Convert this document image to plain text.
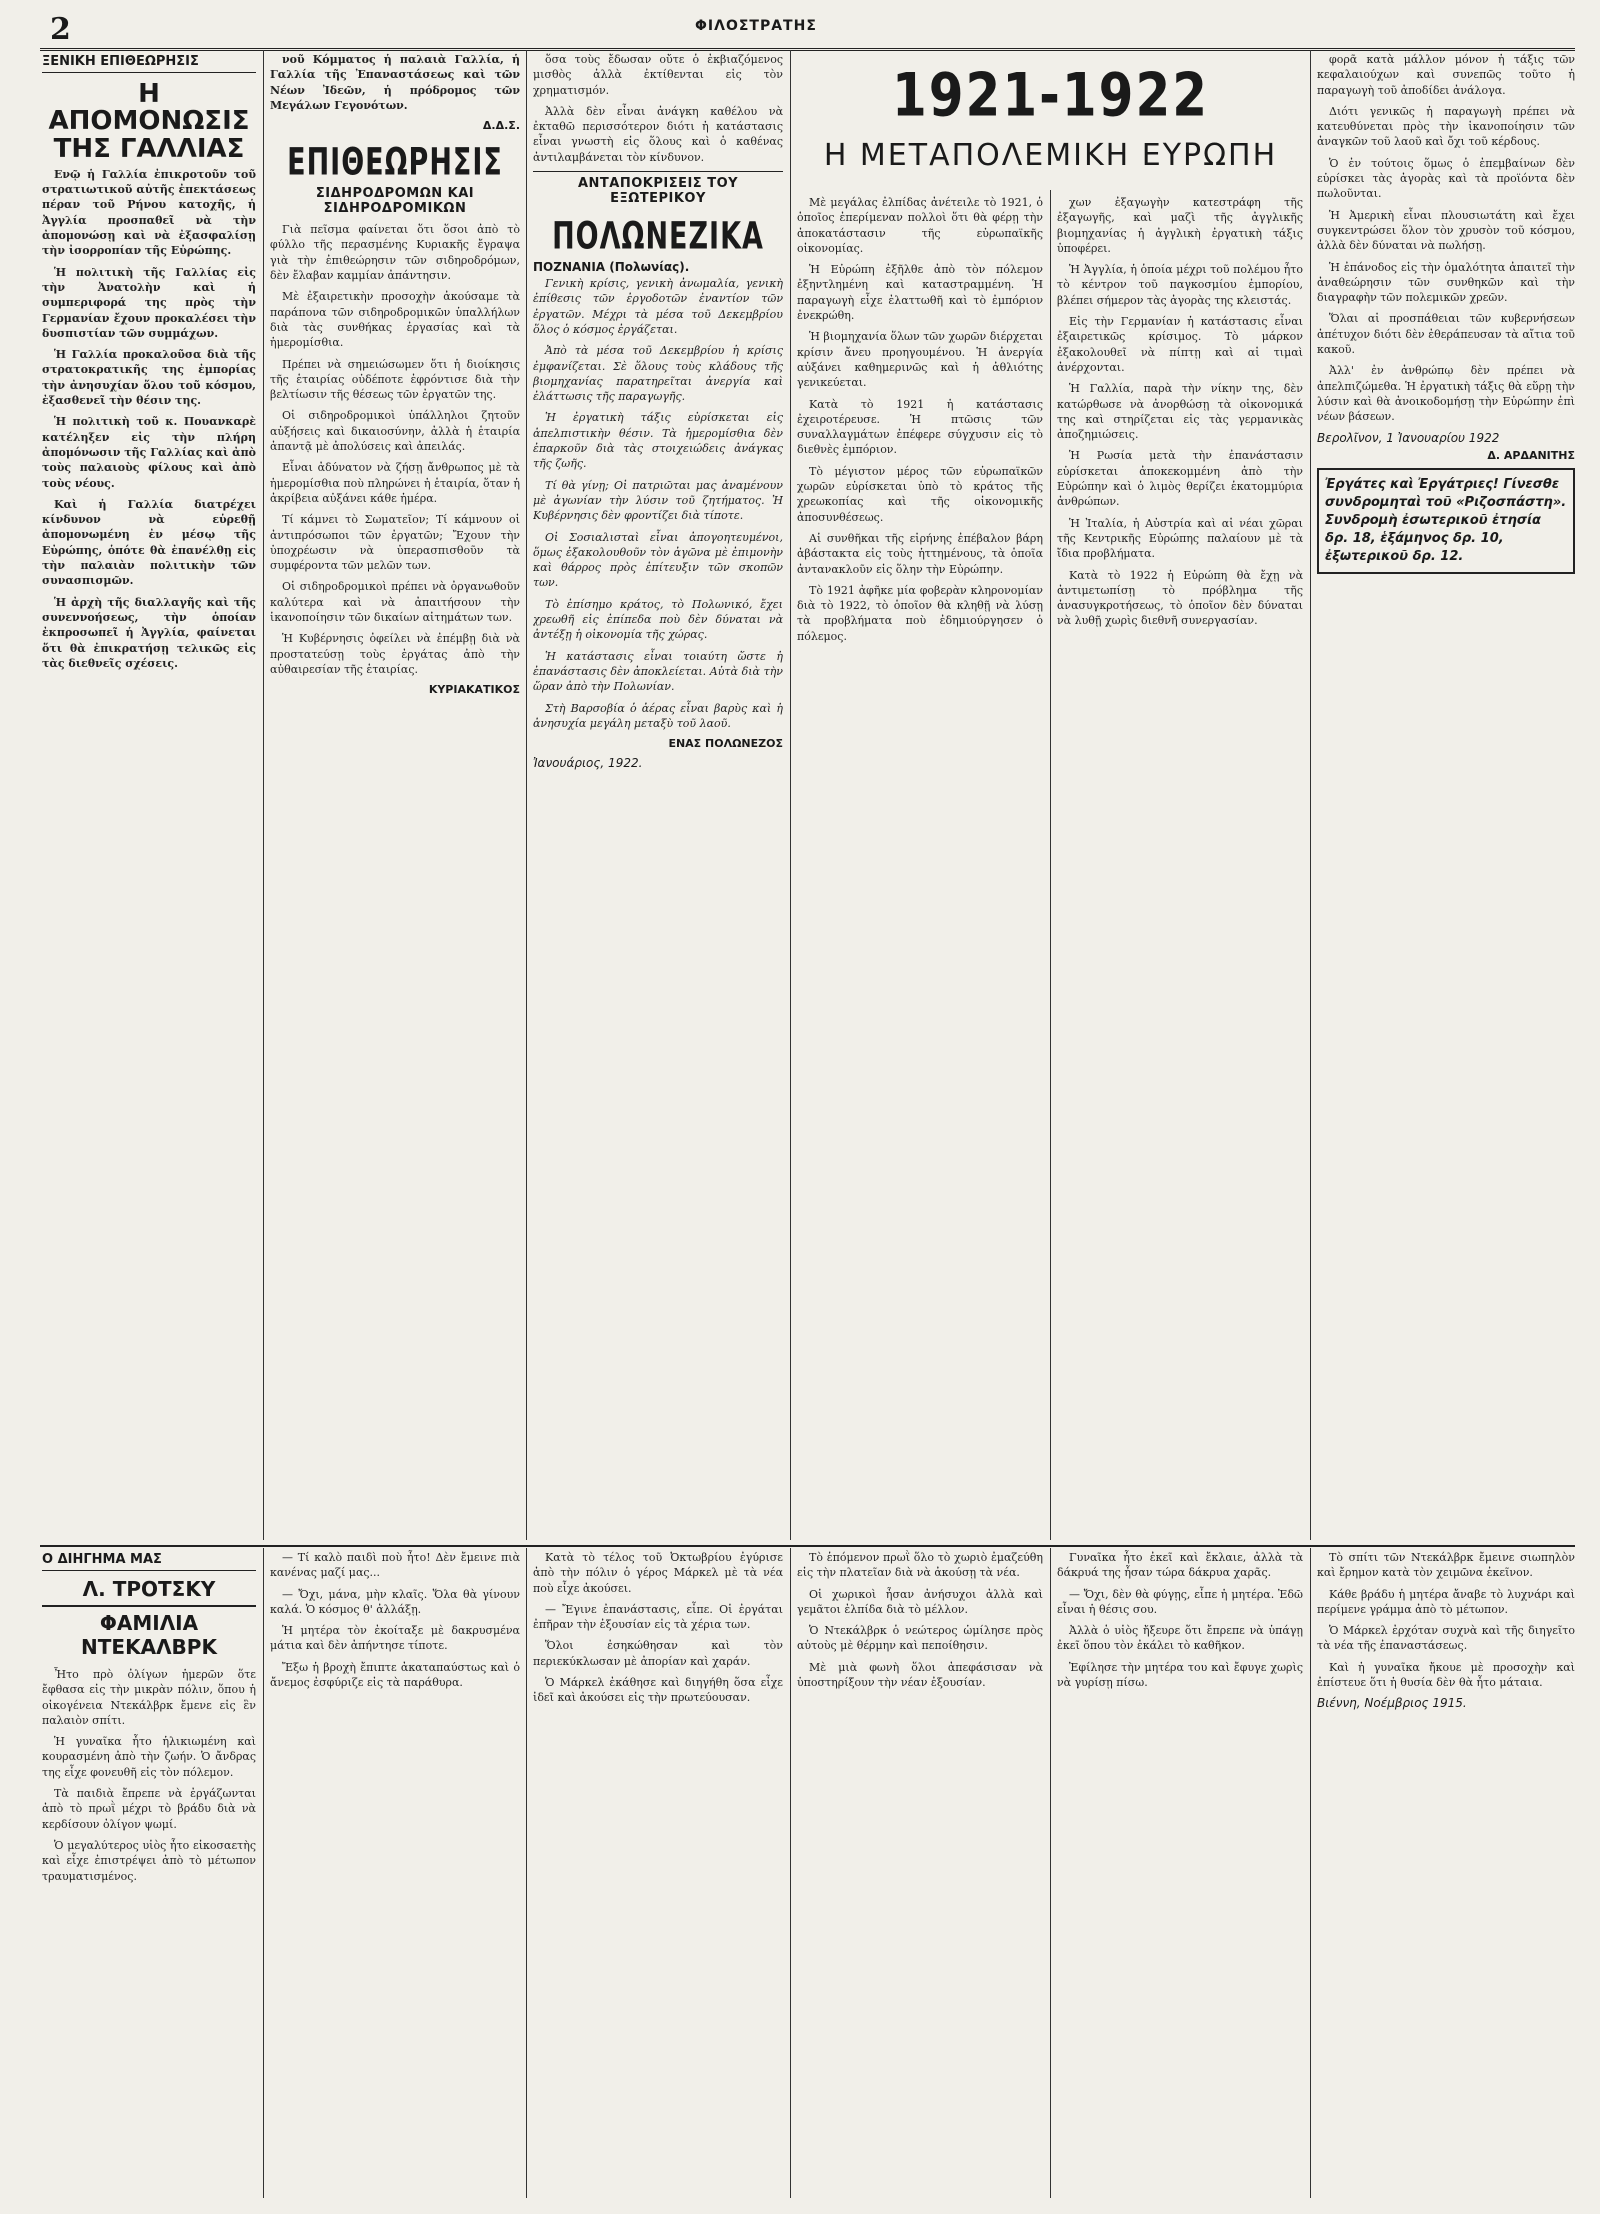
2	ΦΙΛΟΣΤΡΑΤΗΣ
ΞΕΝΙΚΗ ΕΠΙΘΕΩΡΗΣΙΣ
Η ΑΠΟΜΟΝΩΣΙΣ ΤΗΣ ΓΑΛΛΙΑΣ

Ενῷ ἡ Γαλλία ἐπικροτοῦν τοῦ στρατιωτικοῦ αὐτῆς ἐπεκτάσεως πέραν τοῦ Ρήνου κατοχῆς, ἡ Ἀγγλία προσπαθεῖ νὰ τὴν ἀπομονώσῃ καὶ νὰ ἐξασφαλίσῃ τὴν ἰσορροπίαν τῆς Εὐρώπης.

Ἡ πολιτικὴ τῆς Γαλλίας εἰς τὴν Ἀνατολὴν καὶ ἡ συμπεριφορά της πρὸς τὴν Γερμανίαν ἔχουν προκαλέσει τὴν δυσπιστίαν τῶν συμμάχων.

Ἡ Γαλλία προκαλοῦσα διὰ τῆς στρατοκρατικῆς της ἐμπορίας τὴν ἀνησυχίαν ὅλου τοῦ κόσμου, ἐξασθενεῖ τὴν θέσιν της.

Ἡ πολιτικὴ τοῦ κ. Πουανκαρὲ κατέληξεν εἰς τὴν πλήρη ἀπομόνωσιν τῆς Γαλλίας καὶ ἀπὸ τοὺς παλαιοὺς φίλους καὶ ἀπὸ τοὺς νέους.

Καὶ ἡ Γαλλία διατρέχει κίνδυνον νὰ εὑρεθῇ ἀπομονωμένη ἐν μέσῳ τῆς Εὐρώπης, ὁπότε θὰ ἐπανέλθῃ εἰς τὴν παλαιὰν πολιτικὴν τῶν συνασπισμῶν.

Ἡ ἀρχὴ τῆς διαλλαγῆς καὶ τῆς συνεννοήσεως, τὴν ὁποίαν ἐκπροσωπεῖ ἡ Ἀγγλία, φαίνεται ὅτι θὰ ἐπικρατήσῃ τελικῶς εἰς τὰς διεθνεῖς σχέσεις.

νοῦ Κόμματος ἡ παλαιὰ Γαλλία, ἡ Γαλλία τῆς Ἐπαναστάσεως καὶ τῶν Νέων Ἰδεῶν, ἡ πρόδρομος τῶν Μεγάλων Γεγονότων.

Δ.Δ.Σ.
ΕΠΙΘΕΩΡΗΣΙΣ
ΣΙΔΗΡΟΔΡΟΜΩΝ ΚΑΙ ΣΙΔΗΡΟΔΡΟΜΙΚΩΝ

Γιὰ πεῖσμα φαίνεται ὅτι ὅσοι ἀπὸ τὸ φύλλο τῆς περασμένης Κυριακῆς ἔγραψα γιὰ τὴν ἐπιθεώρησιν τῶν σιδηροδρόμων, δὲν ἔλαβαν καμμίαν ἀπάντησιν.

Μὲ ἐξαιρετικὴν προσοχὴν ἀκούσαμε τὰ παράπονα τῶν σιδηροδρομικῶν ὑπαλλήλων διὰ τὰς συνθήκας ἐργασίας καὶ τὰ ἡμερομίσθια.

Πρέπει νὰ σημειώσωμεν ὅτι ἡ διοίκησις τῆς ἑταιρίας οὐδέποτε ἐφρόντισε διὰ τὴν βελτίωσιν τῆς θέσεως τῶν ἐργατῶν της.

Οἱ σιδηροδρομικοὶ ὑπάλληλοι ζητοῦν αὐξήσεις καὶ δικαιοσύνην, ἀλλὰ ἡ ἑταιρία ἀπαντᾷ μὲ ἀπολύσεις καὶ ἀπειλάς.

Εἶναι ἀδύνατον νὰ ζήσῃ ἄνθρωπος μὲ τὰ ἡμερομίσθια ποὺ πληρώνει ἡ ἑταιρία, ὅταν ἡ ἀκρίβεια αὐξάνει κάθε ἡμέρα.

Τί κάμνει τὸ Σωματεῖον; Τί κάμνουν οἱ ἀντιπρόσωποι τῶν ἐργατῶν; Ἔχουν τὴν ὑποχρέωσιν νὰ ὑπερασπισθοῦν τὰ συμφέροντα τῶν μελῶν των.

Οἱ σιδηροδρομικοὶ πρέπει νὰ ὀργανωθοῦν καλύτερα καὶ νὰ ἀπαιτήσουν τὴν ἱκανοποίησιν τῶν δικαίων αἰτημάτων των.

Ἡ Κυβέρνησις ὀφείλει νὰ ἐπέμβῃ διὰ νὰ προστατεύσῃ τοὺς ἐργάτας ἀπὸ τὴν αὐθαιρεσίαν τῆς ἑταιρίας.

ΚΥΡΙΑΚΑΤΙΚΟΣ

ὅσα τοὺς ἔδωσαν οὔτε ὁ ἐκβιαζόμενος μισθὸς ἀλλὰ ἐκτίθενται εἰς τὸν χρηματισμόν.

Ἀλλὰ δὲν εἶναι ἀνάγκη καθέλου νὰ ἐκταθῶ περισσότερον διότι ἡ κατάστασις εἶναι γνωστὴ εἰς ὅλους καὶ ὁ καθένας ἀντιλαμβάνεται τὸν κίνδυνον.

ΑΝΤΑΠΟΚΡΙΣΕΙΣ ΤΟΥ ΕΞΩΤΕΡΙΚΟΥ
ΠΟΛΩΝΕΖΙΚΑ
ΠΟΖΝΑΝΙΑ (Πολωνίας).

Γενικὴ κρίσις, γενικὴ ἀνωμαλία, γενικὴ ἐπίθεσις τῶν ἐργοδοτῶν ἐναντίον τῶν ἐργατῶν. Μέχρι τὰ μέσα τοῦ Δεκεμβρίου ὅλος ὁ κόσμος ἐργάζεται.

Ἀπὸ τὰ μέσα τοῦ Δεκεμβρίου ἡ κρίσις ἐμφανίζεται. Σὲ ὅλους τοὺς κλάδους τῆς βιομηχανίας παρατηρεῖται ἀνεργία καὶ ἐλάττωσις τῆς παραγωγῆς.

Ἡ ἐργατικὴ τάξις εὑρίσκεται εἰς ἀπελπιστικὴν θέσιν. Τὰ ἡμερομίσθια δὲν ἐπαρκοῦν διὰ τὰς στοιχειώδεις ἀνάγκας τῆς ζωῆς.

Τί θὰ γίνῃ; Οἱ πατριῶται μας ἀναμένουν μὲ ἀγωνίαν τὴν λύσιν τοῦ ζητήματος. Ἡ Κυβέρνησις δὲν φροντίζει διὰ τίποτε.

Οἱ Σοσιαλισταὶ εἶναι ἀπογοητευμένοι, ὅμως ἐξακολουθοῦν τὸν ἀγῶνα μὲ ἐπιμονὴν καὶ θάρρος πρὸς ἐπίτευξιν τῶν σκοπῶν των.

Τὸ ἐπίσημο κράτος, τὸ Πολωνικό, ἔχει χρεωθῆ εἰς ἐπίπεδα ποὺ δὲν δύναται νὰ ἀντέξῃ ἡ οἰκονομία τῆς χώρας.

Ἡ κατάστασις εἶναι τοιαύτη ὥστε ἡ ἐπανάστασις δὲν ἀποκλείεται. Αὐτὰ διὰ τὴν ὥραν ἀπὸ τὴν Πολωνίαν.

Στὴ Βαρσοβία ὁ ἀέρας εἶναι βαρὺς καὶ ἡ ἀνησυχία μεγάλη μεταξὺ τοῦ λαοῦ.

ΕΝΑΣ ΠΟΛΩΝΕΖΟΣ
Ἰανουάριος, 1922.
1921-1922
Η ΜΕΤΑΠΟΛΕΜΙΚΗ ΕΥΡΩΠΗ

Μὲ μεγάλας ἐλπίδας ἀνέτειλε τὸ 1921, ὁ ὁποῖος ἐπερίμεναν πολλοὶ ὅτι θὰ φέρῃ τὴν ἀποκατάστασιν τῆς εὐρωπαϊκῆς οἰκονομίας.

Ἡ Εὐρώπη ἐξῆλθε ἀπὸ τὸν πόλεμον ἐξηντλημένη καὶ καταστραμμένη. Ἡ παραγωγὴ εἶχε ἐλαττωθῆ καὶ τὸ ἐμπόριον ἐνεκρώθη.

Ἡ βιομηχανία ὅλων τῶν χωρῶν διέρχεται κρίσιν ἄνευ προηγουμένου. Ἡ ἀνεργία αὐξάνει καθημερινῶς καὶ ἡ ἀθλιότης γενικεύεται.

Κατὰ τὸ 1921 ἡ κατάστασις ἐχειροτέρευσε. Ἡ πτῶσις τῶν συναλλαγμάτων ἐπέφερε σύγχυσιν εἰς τὸ διεθνὲς ἐμπόριον.

Τὸ μέγιστον μέρος τῶν εὐρωπαϊκῶν χωρῶν εὑρίσκεται ὑπὸ τὸ κράτος τῆς χρεωκοπίας καὶ τῆς οἰκονομικῆς ἀποσυνθέσεως.

Αἱ συνθῆκαι τῆς εἰρήνης ἐπέβαλον βάρη ἀβάστακτα εἰς τοὺς ἡττημένους, τὰ ὁποῖα ἀντανακλοῦν εἰς ὅλην τὴν Εὐρώπην.

Τὸ 1921 ἀφῆκε μία φοβερὰν κληρονομίαν διὰ τὸ 1922, τὸ ὁποῖον θὰ κληθῇ νὰ λύσῃ τὰ προβλήματα ποὺ ἐδημιούργησεν ὁ πόλεμος.

χων ἐξαγωγὴν κατεστράφη τῆς ἐξαγωγῆς, καὶ μαζὶ τῆς ἀγγλικῆς βιομηχανίας ἡ ἀγγλικὴ ἐργατικὴ τάξις ὑποφέρει.

Ἡ Ἀγγλία, ἡ ὁποία μέχρι τοῦ πολέμου ἦτο τὸ κέντρον τοῦ παγκοσμίου ἐμπορίου, βλέπει σήμερον τὰς ἀγορὰς της κλειστάς.

Εἰς τὴν Γερμανίαν ἡ κατάστασις εἶναι ἐξαιρετικῶς κρίσιμος. Τὸ μάρκον ἐξακολουθεῖ νὰ πίπτῃ καὶ αἱ τιμαὶ ἀνέρχονται.

Ἡ Γαλλία, παρὰ τὴν νίκην της, δὲν κατώρθωσε νὰ ἀνορθώσῃ τὰ οἰκονομικά της καὶ στηρίζεται εἰς τὰς γερμανικὰς ἀποζημιώσεις.

Ἡ Ρωσία μετὰ τὴν ἐπανάστασιν εὑρίσκεται ἀποκεκομμένη ἀπὸ τὴν Εὐρώπην καὶ ὁ λιμὸς θερίζει ἑκατομμύρια ἀνθρώπων.

Ἡ Ἰταλία, ἡ Αὐστρία καὶ αἱ νέαι χῶραι τῆς Κεντρικῆς Εὐρώπης παλαίουν μὲ τὰ ἴδια προβλήματα.

Κατὰ τὸ 1922 ἡ Εὐρώπη θὰ ἔχῃ νὰ ἀντιμετωπίσῃ τὸ πρόβλημα τῆς ἀνασυγκροτήσεως, τὸ ὁποῖον δὲν δύναται νὰ λυθῇ χωρὶς διεθνῆ συνεργασίαν.

φορᾶ κατὰ μάλλον μόνον ἡ τάξις τῶν κεφαλαιούχων καὶ συνεπῶς τοῦτο ἡ παραγωγὴ τοῦ ἀποδίδει ἀνάλογα.

Διότι γενικῶς ἡ παραγωγὴ πρέπει νὰ κατευθύνεται πρὸς τὴν ἱκανοποίησιν τῶν ἀναγκῶν τοῦ λαοῦ καὶ ὄχι τοῦ κέρδους.

Ὁ ἐν τούτοις ὅμως ὁ ἐπεμβαίνων δὲν εὑρίσκει τὰς ἀγορὰς καὶ τὰ προϊόντα δὲν πωλοῦνται.

Ἡ Ἀμερικὴ εἶναι πλουσιωτάτη καὶ ἔχει συγκεντρώσει ὅλον τὸν χρυσὸν τοῦ κόσμου, ἀλλὰ δὲν δύναται νὰ πωλήσῃ.

Ἡ ἐπάνοδος εἰς τὴν ὁμαλότητα ἀπαιτεῖ τὴν ἀναθεώρησιν τῶν συνθηκῶν καὶ τὴν διαγραφὴν τῶν πολεμικῶν χρεῶν.

Ὅλαι αἱ προσπάθειαι τῶν κυβερνήσεων ἀπέτυχον διότι δὲν ἐθεράπευσαν τὰ αἴτια τοῦ κακοῦ.

Ἀλλ' ἐν ἀνθρώπῳ δὲν πρέπει νὰ ἀπελπιζώμεθα. Ἡ ἐργατικὴ τάξις θὰ εὕρῃ τὴν λύσιν καὶ θὰ ἀνοικοδομήσῃ τὴν Εὐρώπην ἐπὶ νέων βάσεων.

Βερολῖνον, 1 Ἰανουαρίου 1922
Δ. ΑΡΔΑΝΙΤΗΣ
Ἐργάτες καὶ Ἐργάτριες! Γίνεσθε συνδρομηταὶ τοῦ «Ριζοσπάστη». Συνδρομὴ ἐσωτερικοῦ ἐτησία δρ. 18, ἑξάμηνος δρ. 10, ἐξωτερικοῦ δρ. 12.
Ο ΔΙΗΓΗΜΑ ΜΑΣ
Λ. ΤΡΟΤΣΚΥ
ΦΑΜΙΛΙΑ ΝΤΕΚΑΛΒΡΚ

Ἦτο πρὸ ὀλίγων ἡμερῶν ὅτε ἔφθασα εἰς τὴν μικρὰν πόλιν, ὅπου ἡ οἰκογένεια Ντεκάλβρκ ἔμενε εἰς ἓν παλαιὸν σπίτι.

Ἡ γυναῖκα ἦτο ἡλικιωμένη καὶ κουρασμένη ἀπὸ τὴν ζωήν. Ὁ ἄνδρας της εἶχε φονευθῆ εἰς τὸν πόλεμον.

Τὰ παιδιὰ ἔπρεπε νὰ ἐργάζωνται ἀπὸ τὸ πρωῒ μέχρι τὸ βράδυ διὰ νὰ κερδίσουν ὀλίγον ψωμί.

Ὁ μεγαλύτερος υἱὸς ἦτο εἰκοσαετὴς καὶ εἶχε ἐπιστρέψει ἀπὸ τὸ μέτωπον τραυματισμένος.

— Τί καλὸ παιδὶ ποὺ ἦτο! Δὲν ἔμεινε πιὰ κανένας μαζί μας...

— Ὄχι, μάνα, μὴν κλαῖς. Ὅλα θὰ γίνουν καλά. Ὁ κόσμος θ' ἀλλάξῃ.

Ἡ μητέρα τὸν ἐκοίταξε μὲ δακρυσμένα μάτια καὶ δὲν ἀπήντησε τίποτε.

Ἔξω ἡ βροχὴ ἔπιπτε ἀκαταπαύστως καὶ ὁ ἄνεμος ἐσφύριζε εἰς τὰ παράθυρα.

Κατὰ τὸ τέλος τοῦ Ὀκτωβρίου ἐγύρισε ἀπὸ τὴν πόλιν ὁ γέρος Μάρκελ μὲ τὰ νέα ποὺ εἶχε ἀκούσει.

— Ἔγινε ἐπανάστασις, εἶπε. Οἱ ἐργάται ἐπῆραν τὴν ἐξουσίαν εἰς τὰ χέρια των.

Ὅλοι ἐσηκώθησαν καὶ τὸν περιεκύκλωσαν μὲ ἀπορίαν καὶ χαράν.

Ὁ Μάρκελ ἐκάθησε καὶ διηγήθη ὅσα εἶχε ἰδεῖ καὶ ἀκούσει εἰς τὴν πρωτεύουσαν.

Τὸ ἑπόμενον πρωῒ ὅλο τὸ χωριὸ ἐμαζεύθη εἰς τὴν πλατεῖαν διὰ νὰ ἀκούσῃ τὰ νέα.

Οἱ χωρικοὶ ἦσαν ἀνήσυχοι ἀλλὰ καὶ γεμᾶτοι ἐλπίδα διὰ τὸ μέλλον.

Ὁ Ντεκάλβρκ ὁ νεώτερος ὡμίλησε πρὸς αὐτοὺς μὲ θέρμην καὶ πεποίθησιν.

Μὲ μιὰ φωνὴ ὅλοι ἀπεφάσισαν νὰ ὑποστηρίξουν τὴν νέαν ἐξουσίαν.

Γυναῖκα ἦτο ἐκεῖ καὶ ἔκλαιε, ἀλλὰ τὰ δάκρυά της ἦσαν τώρα δάκρυα χαρᾶς.

— Ὄχι, δὲν θὰ φύγῃς, εἶπε ἡ μητέρα. Ἐδῶ εἶναι ἡ θέσις σου.

Ἀλλὰ ὁ υἱὸς ἤξευρε ὅτι ἔπρεπε νὰ ὑπάγῃ ἐκεῖ ὅπου τὸν ἐκάλει τὸ καθῆκον.

Ἐφίλησε τὴν μητέρα του καὶ ἔφυγε χωρὶς νὰ γυρίσῃ πίσω.

Τὸ σπίτι τῶν Ντεκάλβρκ ἔμεινε σιωπηλὸν καὶ ἔρημον κατὰ τὸν χειμῶνα ἐκεῖνον.

Κάθε βράδυ ἡ μητέρα ἄναβε τὸ λυχνάρι καὶ περίμενε γράμμα ἀπὸ τὸ μέτωπον.

Ὁ Μάρκελ ἐρχόταν συχνὰ καὶ τῆς διηγεῖτο τὰ νέα τῆς ἐπαναστάσεως.

Καὶ ἡ γυναῖκα ἤκουε μὲ προσοχὴν καὶ ἐπίστευε ὅτι ἡ θυσία δὲν θὰ ἦτο μάταια.

Βιέννη, Νοέμβριος 1915.
